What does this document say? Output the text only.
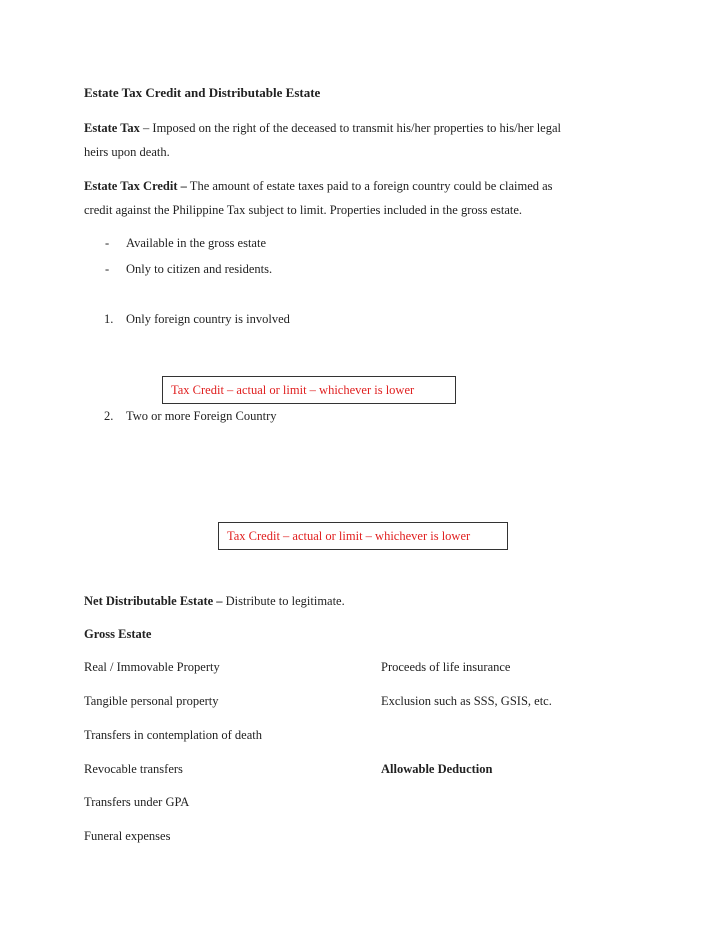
Estate Tax Credit and Distributable Estate
Estate Tax – Imposed on the right of the deceased to transmit his/her properties to his/her legal
heirs upon death.
Estate Tax Credit – The amount of estate taxes paid to a foreign country could be claimed as
credit against the Philippine Tax subject to limit. Properties included in the gross estate.
- Available in the gross estate
- Only to citizen and residents.
1. Only foreign country is involved
Tax Credit – actual or limit – whichever is lower
2. Two or more Foreign Country
Tax Credit – actual or limit – whichever is lower
Net Distributable Estate – Distribute to legitimate.
Gross Estate
Real / Immovable Property
Tangible personal property
Transfers in contemplation of death
Revocable transfers
Transfers under GPA
Funeral expenses
Proceeds of life insurance
Exclusion such as SSS, GSIS, etc.
Allowable Deduction
